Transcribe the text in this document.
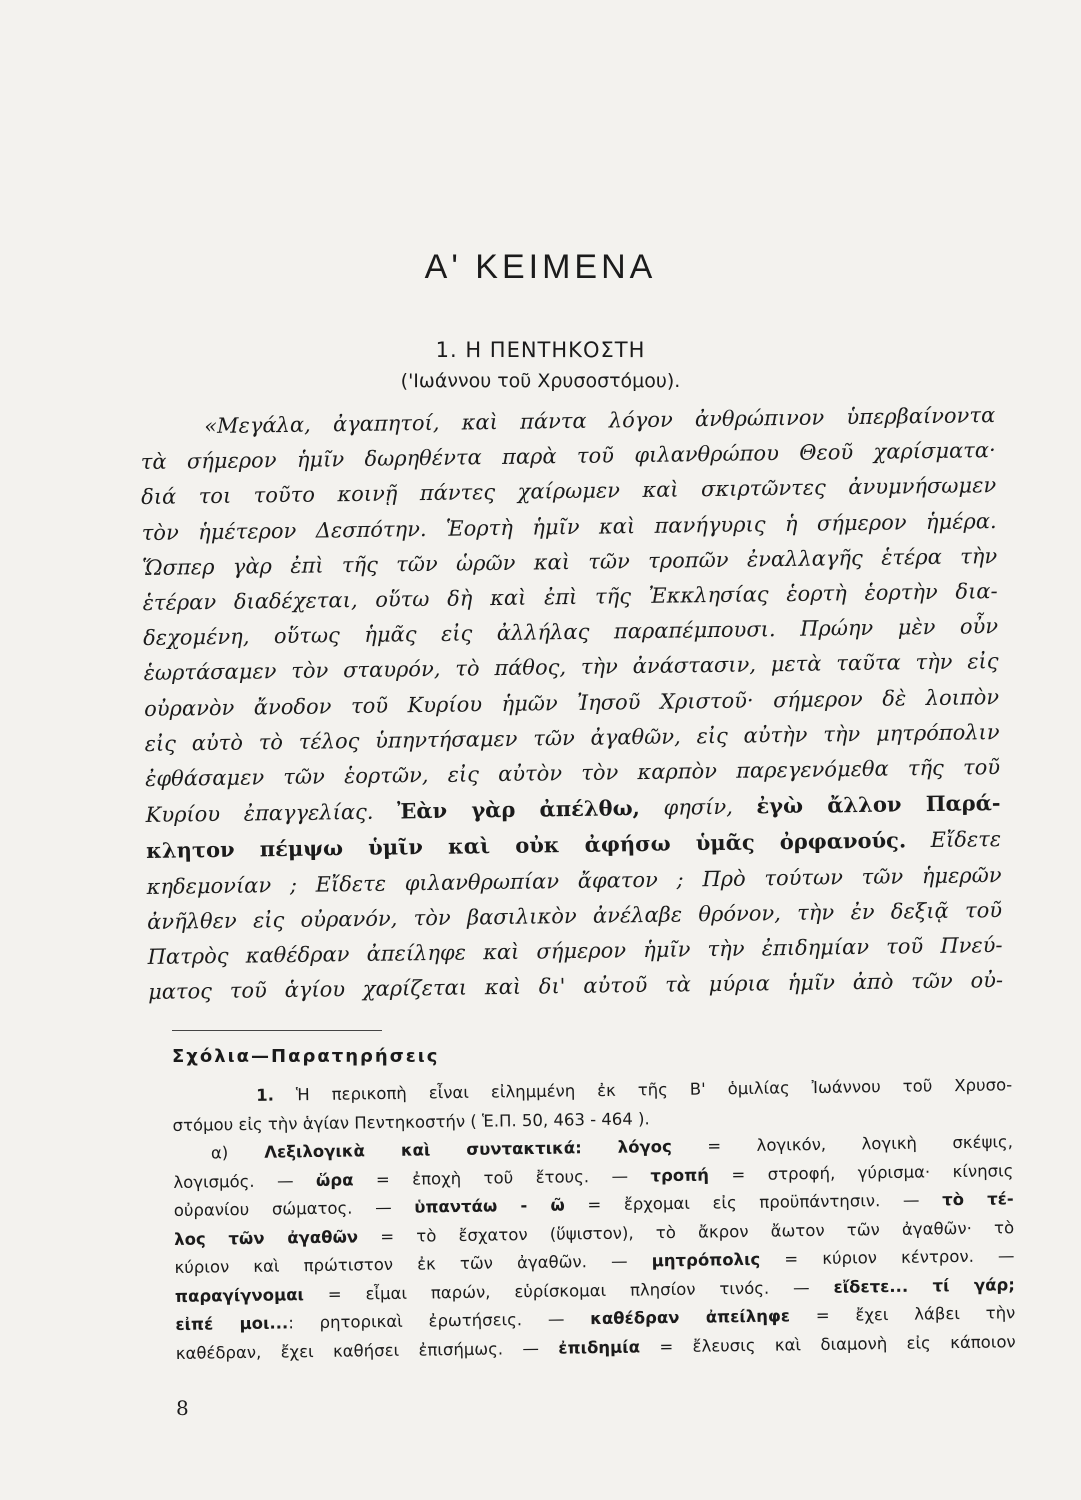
Α' ΚΕΙΜΕΝΑ
1. Η ΠΕΝΤΗΚΟΣΤΗ
('Ιωάννου τοῦ Χρυσοστόμου).
«Μεγάλα, ἀγαπητοί, καὶ πάντα λόγον ἀνθρώπινον ὑπερβαίνοντα
τὰ σήμερον ἡμῖν δωρηθέντα παρὰ τοῦ φιλανθρώπου Θεοῦ χαρίσματα·
διά τοι τοῦτο κοινῇ πάντες χαίρωμεν καὶ σκιρτῶντες ἀνυμνήσωμεν
τὸν ἡμέτερον Δεσπότην. Ἑορτὴ ἡμῖν καὶ πανήγυρις ἡ σήμερον ἡμέρα.
Ὥσπερ γὰρ ἐπὶ τῆς τῶν ὡρῶν καὶ τῶν τροπῶν ἐναλλαγῆς ἑτέρα τὴν
ἑτέραν διαδέχεται, οὕτω δὴ καὶ ἐπὶ τῆς Ἐκκλησίας ἑορτὴ ἑορτὴν δια-
δεχομένη, οὕτως ἡμᾶς εἰς ἀλλήλας παραπέμπουσι. Πρώην μὲν οὖν
ἑωρτάσαμεν τὸν σταυρόν, τὸ πάθος, τὴν ἀνάστασιν, μετὰ ταῦτα τὴν εἰς
οὐρανὸν ἄνοδον τοῦ Κυρίου ἡμῶν Ἰησοῦ Χριστοῦ· σήμερον δὲ λοιπὸν
εἰς αὐτὸ τὸ τέλος ὑπηντήσαμεν τῶν ἀγαθῶν, εἰς αὐτὴν τὴν μητρόπολιν
ἐφθάσαμεν τῶν ἑορτῶν, εἰς αὐτὸν τὸν καρπὸν παρεγενόμεθα τῆς τοῦ
Κυρίου ἐπαγγελίας. Ἐὰν γὰρ ἀπέλθω, φησίν, ἐγὼ ἄλλον Παρά-
κλητον πέμψω ὑμῖν καὶ οὐκ ἀφήσω ὑμᾶς ὀρφανούς. Εἴδετε
κηδεμονίαν ; Εἴδετε φιλανθρωπίαν ἄφατον ; Πρὸ τούτων τῶν ἡμερῶν
ἀνῆλθεν εἰς οὐρανόν, τὸν βασιλικὸν ἀνέλαβε θρόνον, τὴν ἐν δεξιᾷ τοῦ
Πατρὸς καθέδραν ἀπείληφε καὶ σήμερον ἡμῖν τὴν ἐπιδημίαν τοῦ Πνεύ-
ματος τοῦ ἁγίου χαρίζεται καὶ δι' αὐτοῦ τὰ μύρια ἡμῖν ἀπὸ τῶν οὐ-
Σχόλια—Παρατηρήσεις
1. Ἡ περικοπὴ εἶναι εἰλημμένη ἐκ τῆς Β' ὁμιλίας Ἰωάννου τοῦ Χρυσο-
στόμου εἰς τὴν ἁγίαν Πεντηκοστήν ( Ἑ.Π. 50, 463 - 464 ).
α) Λεξιλογικὰ καὶ συντακτικά: λόγος = λογικόν, λογικὴ σκέψις,
λογισμός. — ὥρα = ἐποχὴ τοῦ ἔτους. — τροπή = στροφή, γύρισμα· κίνησις
οὐρανίου σώματος. — ὑπαντάω - ῶ = ἔρχομαι εἰς προϋπάντησιν. — τὸ τέ-
λος τῶν ἀγαθῶν = τὸ ἔσχατον (ὕψιστον), τὸ ἄκρον ἄωτον τῶν ἀγαθῶν· τὸ
κύριον καὶ πρώτιστον ἐκ τῶν ἀγαθῶν. — μητρόπολις = κύριον κέντρον. —
παραγίγνομαι = εἶμαι παρών, εὑρίσκομαι πλησίον τινός. — εἴδετε... τί γάρ;
εἰπέ μοι...: ρητορικαὶ ἐρωτήσεις. — καθέδραν ἀπείληφε = ἔχει λάβει τὴν
καθέδραν, ἔχει καθήσει ἐπισήμως. — ἐπιδημία = ἔλευσις καὶ διαμονὴ εἰς κάποιον
8
